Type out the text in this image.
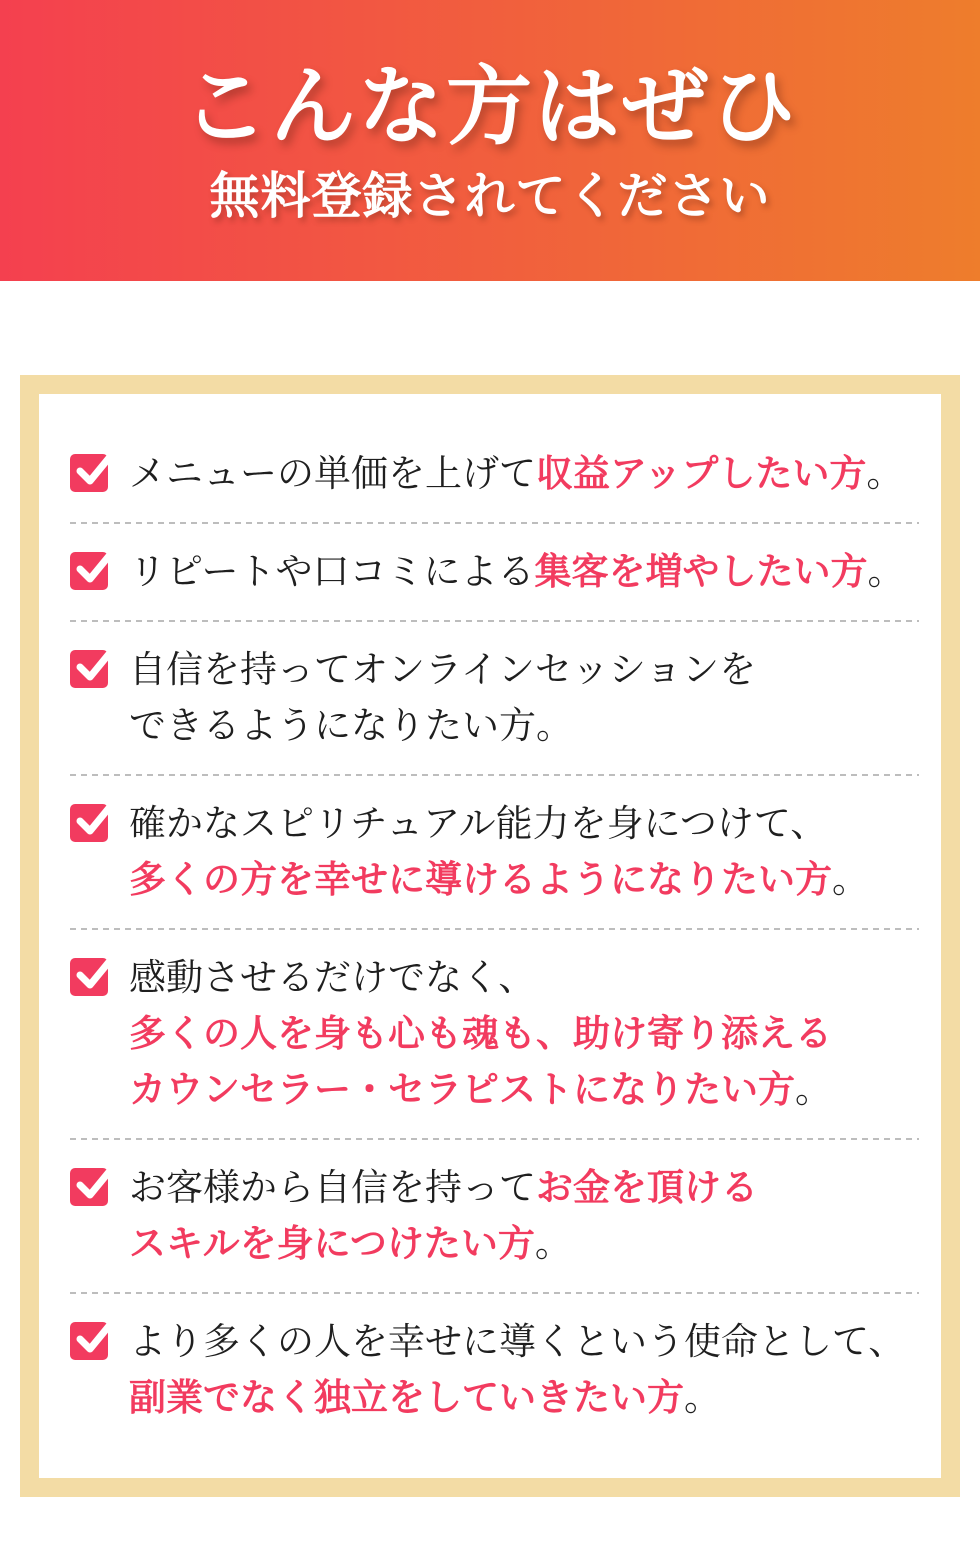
こんな方はぜひ
無料登録されてください
メニューの単価を上げて収益アップしたい方。
リピートや口コミによる集客を増やしたい方。
自信を持ってオンラインセッションを
できるようになりたい方。
確かなスピリチュアル能力を身につけて、
多くの方を幸せに導けるようになりたい方。
感動させるだけでなく、
多くの人を身も心も魂も、助け寄り添える
カウンセラー・セラピストになりたい方。
お客様から自信を持ってお金を頂ける
スキルを身につけたい方。
より多くの人を幸せに導くという使命として、
副業でなく独立をしていきたい方。
